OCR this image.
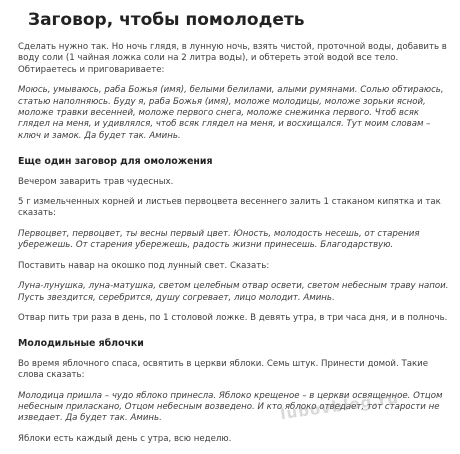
Заговор, чтобы помолодеть

Сделать нужно так. Но ночь глядя, в лунную ночь, взять чистой, проточной воды, добавить в воду соли (1 чайная ложка соли на 2 литра воды), и обтереть этой водой все тело. Обтираетесь и приговариваете:

Моюсь, умываюсь, раба Божья (имя), белыми белилами, алыми румянами. Солью обтираюсь, статью наполняюсь. Буду я, раба Божья (имя), моложе молодицы, моложе зорьки ясной, моложе травки весенней, моложе первого снега, моложе снежинка первого. Чтоб всяк глядел на меня, и удивлялся, чтоб всяк глядел на меня, и восхищался. Тут моим словам – ключ и замок. Да будет так. Аминь.

Еще один заговор для омоложения

Вечером заварить трав чудесных.

5 г измельченных корней и листьев первоцвета весеннего залить 1 стаканом кипятка и так сказать:

Первоцвет, первоцвет, ты весны первый цвет. Юность, молодость несешь, от старения убережешь. От старения убережешь, радость жизни принесешь. Благодарствую.

Поставить навар на окошко под лунный свет. Сказать:

Луна-лунушка, луна-матушка, светом целебным отвар освети, светом небесным траву напои. Пусть звездится, серебрится, душу согревает, лицо молодит. Аминь.

Отвар пить три раза в день, по 1 столовой ложке. В девять утра, в три часа дня, и в полночь.

Молодильные яблочки

Во время яблочного спаса, освятить в церкви яблоки. Семь штук. Принести домой. Такие слова сказать:

Молодица пришла – чудо яблоко принесла. Яблоко крещеное – в церкви освященное. Отцом небесным приласкано, Отцом небесным возведено. И кто яблоко отведает, тот старости не изведает. Да будет так. Аминь.	lubovblog.ru

Яблоки есть каждый день с утра, всю неделю.
